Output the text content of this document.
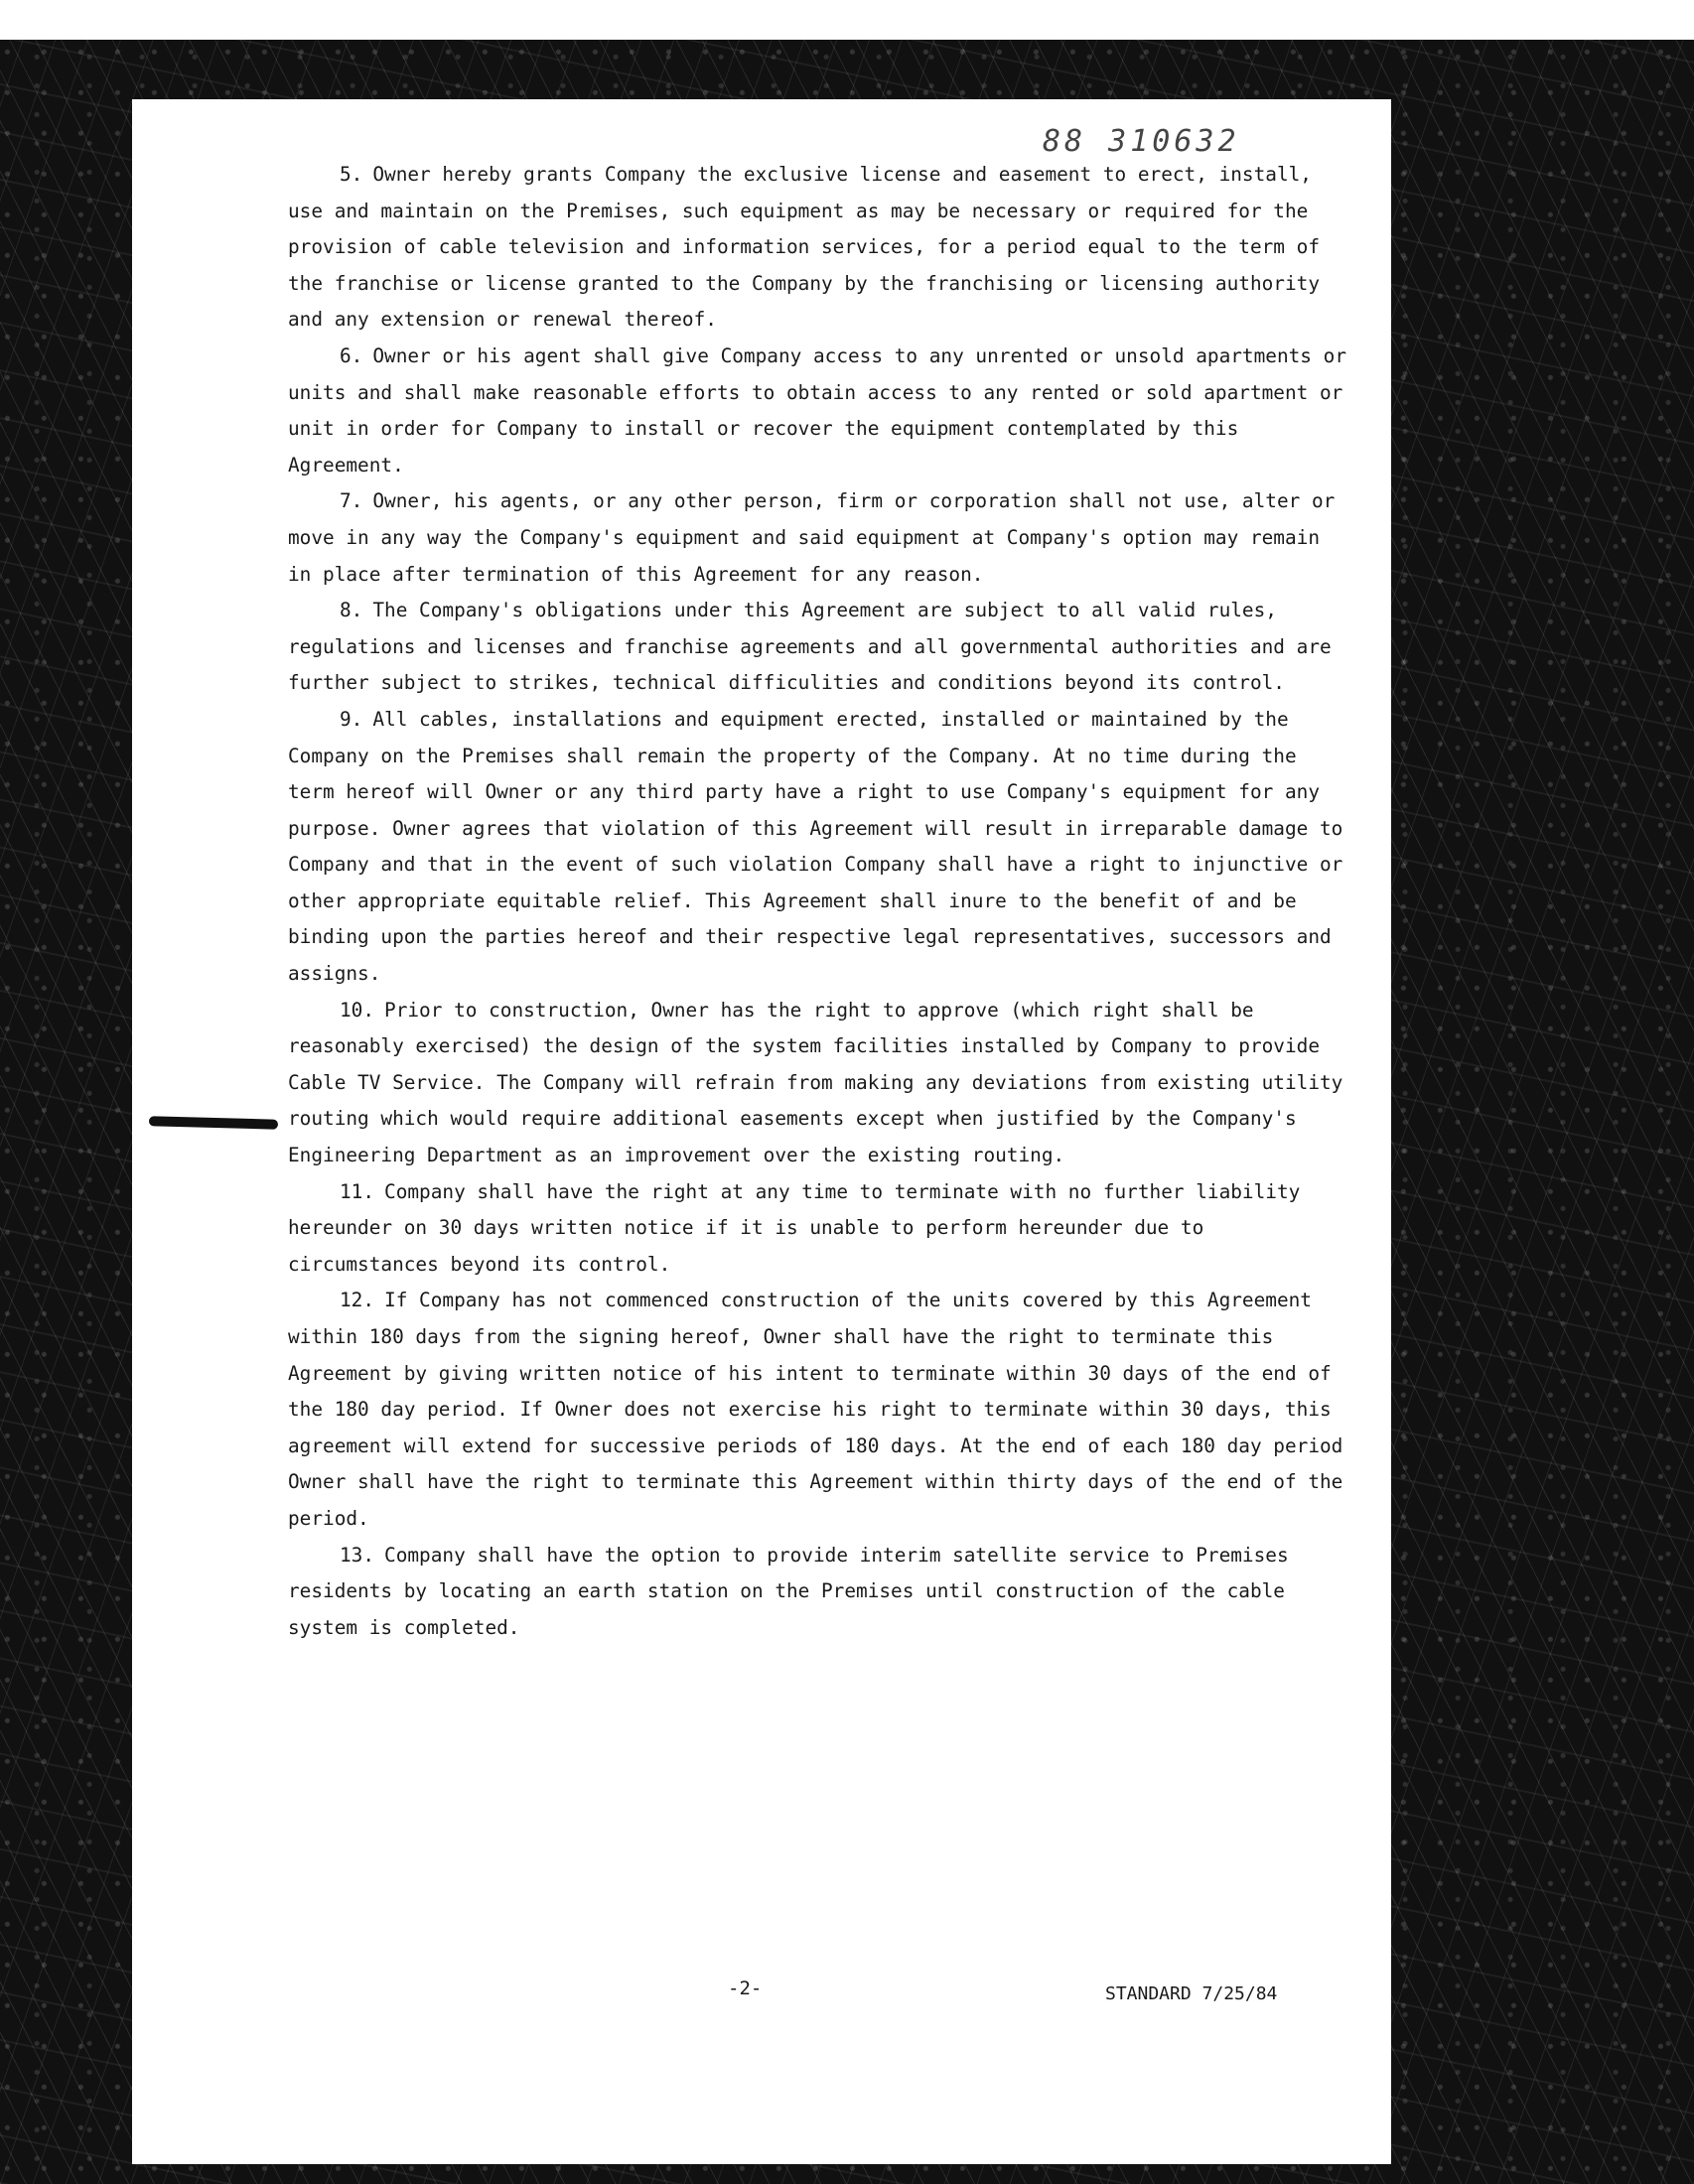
88 310632
5. Owner hereby grants Company the exclusive license and easement to erect, install, use and maintain on the Premises, such equipment as may be necessary or required for the provision of cable television and information services, for a period equal to the term of the franchise or license granted to the Company by the franchising or licensing authority and any extension or renewal thereof.
6. Owner or his agent shall give Company access to any unrented or unsold apartments or units and shall make reasonable efforts to obtain access to any rented or sold apartment or unit in order for Company to install or recover the equipment contemplated by this Agreement.
7. Owner, his agents, or any other person, firm or corporation shall not use, alter or move in any way the Company's equipment and said equipment at Company's option may remain in place after termination of this Agreement for any reason.
8. The Company's obligations under this Agreement are subject to all valid rules, regulations and licenses and franchise agreements and all governmental authorities and are further subject to strikes, technical difficulities and conditions beyond its control.
9. All cables, installations and equipment erected, installed or maintained by the Company on the Premises shall remain the property of the Company. At no time during the term hereof will Owner or any third party have a right to use Company's equipment for any purpose. Owner agrees that violation of this Agreement will result in irreparable damage to Company and that in the event of such violation Company shall have a right to injunctive or other appropriate equitable relief. This Agreement shall inure to the benefit of and be binding upon the parties hereof and their respective legal representatives, successors and assigns.
10. Prior to construction, Owner has the right to approve (which right shall be reasonably exercised) the design of the system facilities installed by Company to provide Cable TV Service. The Company will refrain from making any deviations from existing utility routing which would require additional easements except when justified by the Company's Engineering Department as an improvement over the existing routing.
11. Company shall have the right at any time to terminate with no further liability hereunder on 30 days written notice if it is unable to perform hereunder due to circumstances beyond its control.
12. If Company has not commenced construction of the units covered by this Agreement within 180 days from the signing hereof, Owner shall have the right to terminate this Agreement by giving written notice of his intent to terminate within 30 days of the end of the 180 day period. If Owner does not exercise his right to terminate within 30 days, this agreement will extend for successive periods of 180 days. At the end of each 180 day period Owner shall have the right to terminate this Agreement within thirty days of the end of the period.
13. Company shall have the option to provide interim satellite service to Premises residents by locating an earth station on the Premises until construction of the cable system is completed.
-2-	STANDARD 7/25/84
